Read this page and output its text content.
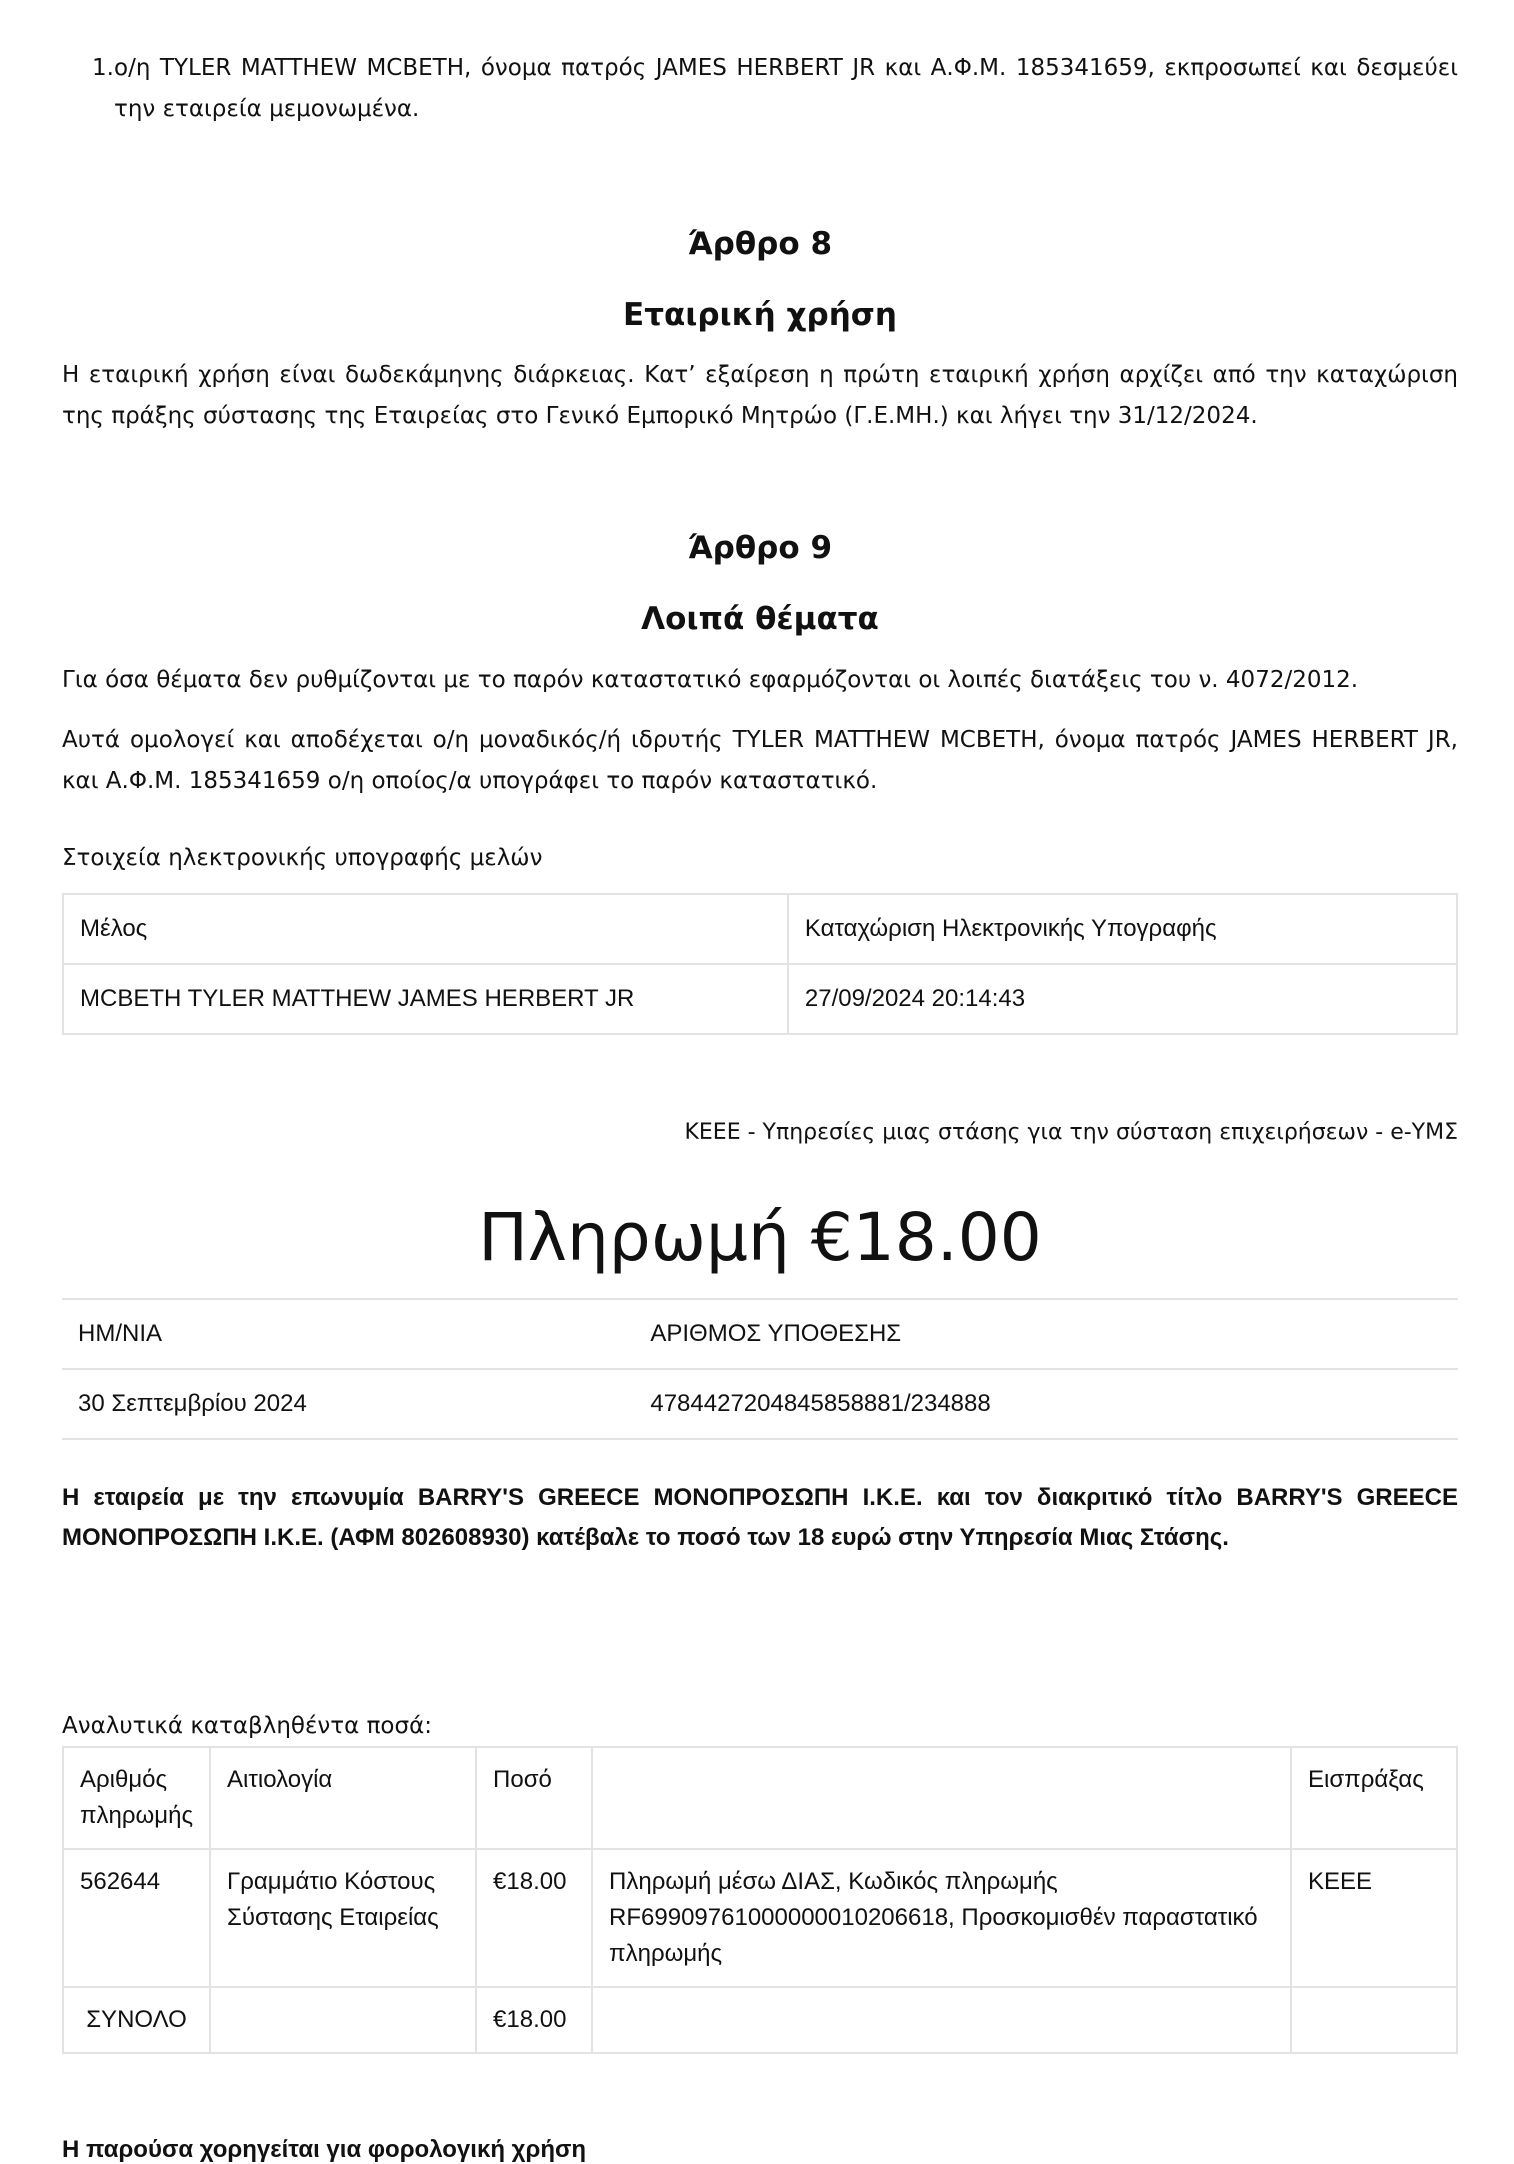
1. ο/η TYLER MATTHEW MCBETH, όνομα πατρός JAMES HERBERT JR και Α.Φ.Μ. 185341659, εκπροσωπεί και δεσμεύει την εταιρεία μεμονωμένα.
Άρθρο 8
Εταιρική χρήση
Η εταιρική χρήση είναι δωδεκάμηνης διάρκειας. Κατ’ εξαίρεση η πρώτη εταιρική χρήση αρχίζει από την καταχώριση της πράξης σύστασης της Εταιρείας στο Γενικό Εμπορικό Μητρώο (Γ.Ε.ΜΗ.) και λήγει την 31/12/2024.
Άρθρο 9
Λοιπά θέματα
Για όσα θέματα δεν ρυθμίζονται με το παρόν καταστατικό εφαρμόζονται οι λοιπές διατάξεις του ν. 4072/2012.
Αυτά ομολογεί και αποδέχεται ο/η μοναδικός/ή ιδρυτής TYLER MATTHEW MCBETH, όνομα πατρός JAMES HERBERT JR, και Α.Φ.Μ. 185341659 ο/η οποίος/α υπογράφει το παρόν καταστατικό.
Στοιχεία ηλεκτρονικής υπογραφής μελών
Μέλος	Καταχώριση Ηλεκτρονικής Υπογραφής
MCBETH TYLER MATTHEW JAMES HERBERT JR	27/09/2024 20:14:43
ΚΕΕΕ - Υπηρεσίες μιας στάσης για την σύσταση επιχειρήσεων - e-ΥΜΣ
Πληρωμή €18.00
ΗΜ/ΝΙΑ	ΑΡΙΘΜΟΣ ΥΠΟΘΕΣΗΣ
30 Σεπτεμβρίου 2024	478442720484585888​1/234888
Η εταιρεία με την επωνυμία BARRY'S GREECE ΜΟΝΟΠΡΟΣΩΠΗ Ι.Κ.Ε. και τον διακριτικό τίτλο BARRY'S GREECE ΜΟΝΟΠΡΟΣΩΠΗ Ι.Κ.Ε. (ΑΦΜ 802608930) κατέβαλε το ποσό των 18 ευρώ στην Υπηρεσία Μιας Στάσης.
Αναλυτικά καταβληθέντα ποσά:
Αριθμός πληρωμής	Αιτιολογία	Ποσό		Εισπράξας
562644	Γραμμάτιο Κόστους Σύστασης Εταιρείας	€18.00	Πληρωμή μέσω ΔΙΑΣ, Κωδικός πληρωμής RF69909761000000010206618, Προσκομισθέν παραστατικό πληρωμής	ΚΕΕΕ
ΣΥΝΟΛΟ		€18.00		
Η παρούσα χορηγείται για φορολογική χρήση
